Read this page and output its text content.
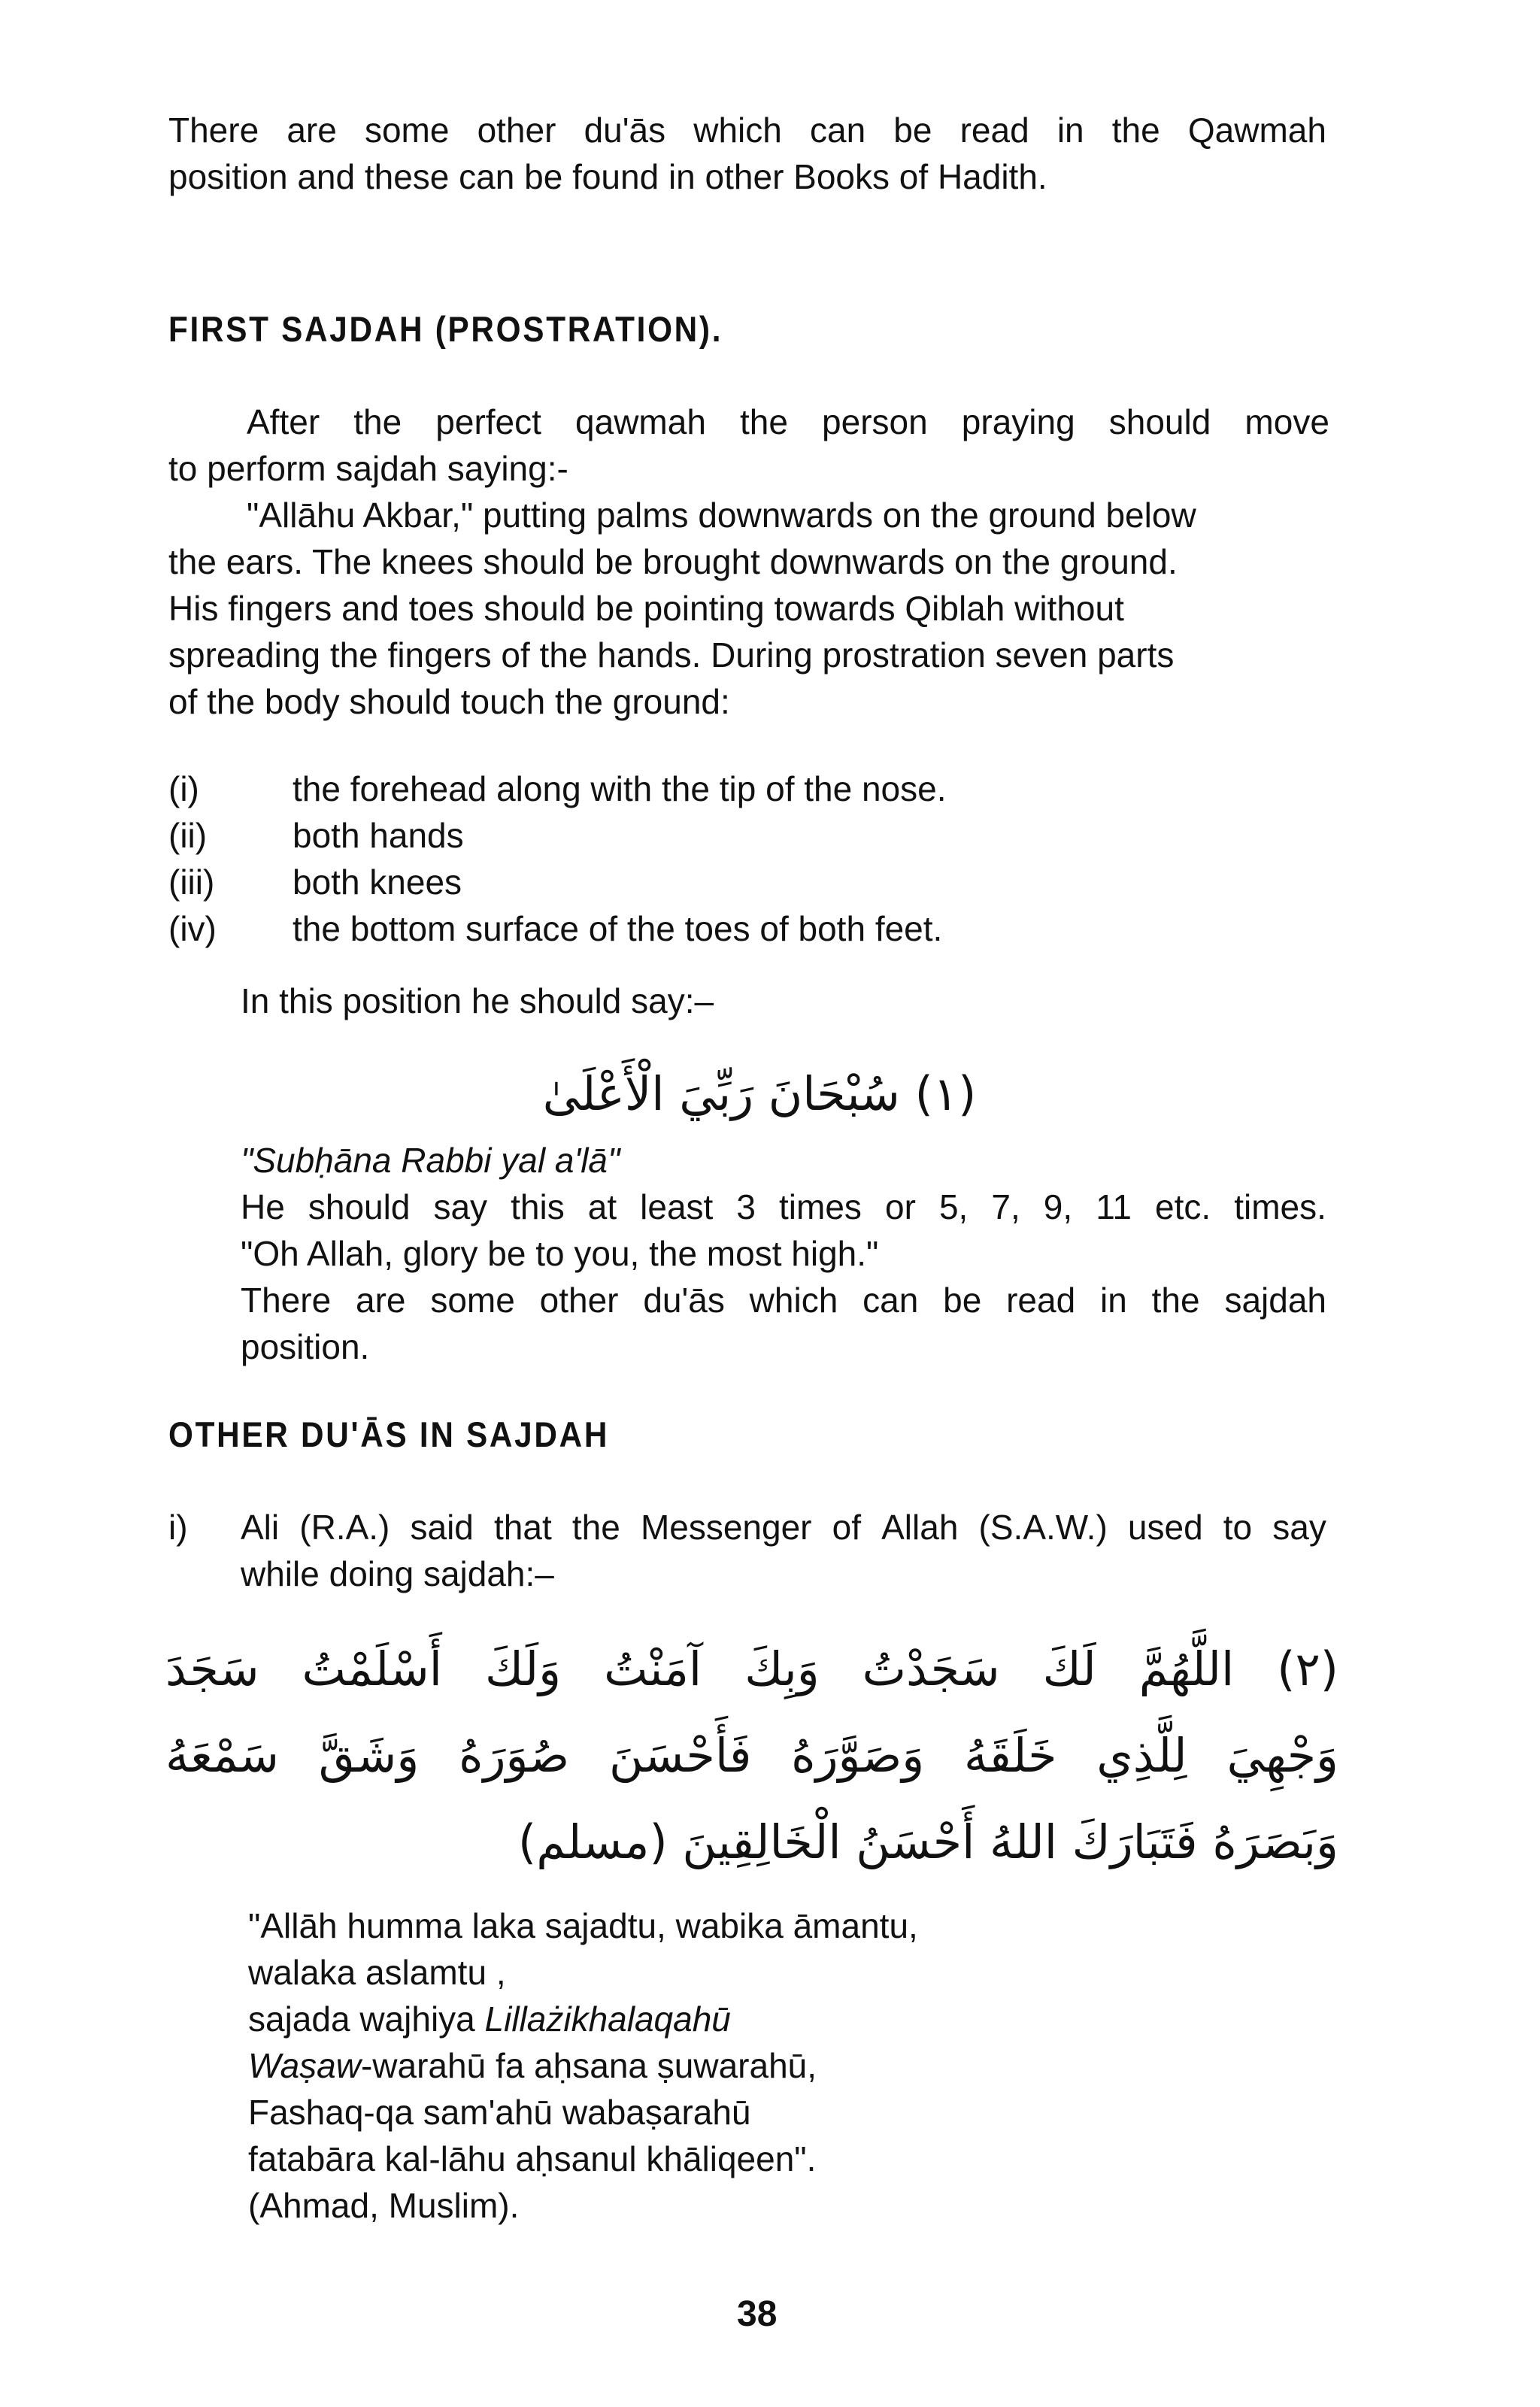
There are some other du'ās which can be read in the Qawmah
position and these can be found in other Books of Hadith.
FIRST SAJDAH (PROSTRATION).
After the perfect qawmah the person praying should move
to perform sajdah saying:-
"Allāhu Akbar," putting palms downwards on the ground below
the ears. The knees should be brought downwards on the ground.
His fingers and toes should be pointing towards Qiblah without
spreading the fingers of the hands. During prostration seven parts
of the body should touch the ground:
(i)	the forehead along with the tip of the nose.
(ii)	both hands
(iii)	both knees
(iv)	the bottom surface of the toes of both feet.
In this position he should say:–
(١) سُبْحَانَ رَبِّيَ الْأَعْلَىٰ
"Subḥāna Rabbi yal a'lā"
He should say this at least 3 times or 5, 7, 9, 11 etc. times.
"Oh Allah, glory be to you, the most high."
There are some other du'ās which can be read in the sajdah
position.
OTHER DU'ĀS IN SAJDAH
i) Ali (R.A.) said that the Messenger of Allah (S.A.W.) used to say
while doing sajdah:–
(٢) اللَّهُمَّ لَكَ سَجَدْتُ وَبِكَ آمَنْتُ وَلَكَ أَسْلَمْتُ سَجَدَ
وَجْهِيَ لِلَّذِي خَلَقَهُ وَصَوَّرَهُ فَأَحْسَنَ صُوَرَهُ وَشَقَّ سَمْعَهُ
وَبَصَرَهُ فَتَبَارَكَ اللهُ أَحْسَنُ الْخَالِقِينَ (مسلم)
"Allāh humma laka sajadtu, wabika āmantu,
walaka aslamtu ,
sajada wajhiya Lillażikhalaqahū
Waṣaw-warahū fa aḥsana ṣuwarahū,
Fashaq-qa sam'ahū wabaṣarahū
fatabāra kal-lāhu aḥsanul khāliqeen".
(Ahmad, Muslim).
38
